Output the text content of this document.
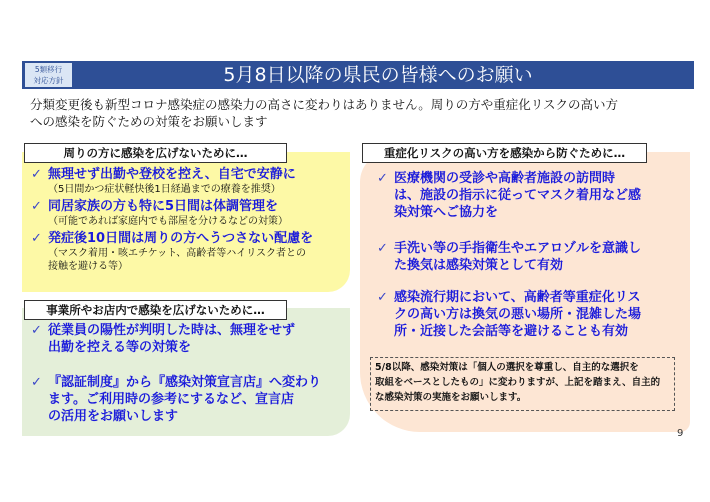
5月8日以降の県民の皆様へのお願い
5類移行
対応方針
分類変更後も新型コロナ感染症の感染力の高さに変わりはありません。周りの方や重症化リスクの高い方
への感染を防ぐための対策をお願いします
周りの方に感染を広げないために…
✓ 無理せず出勤や登校を控え、自宅で安静に
（5日間かつ症状軽快後1日経過までの療養を推奨）
✓ 同居家族の方も特に5日間は体調管理を
（可能であれば家庭内でも部屋を分けるなどの対策）
✓ 発症後10日間は周りの方へうつさない配慮を
（マスク着用・咳エチケット、高齢者等ハイリスク者との
接触を避ける等）
事業所やお店内で感染を広げないために…
✓ 従業員の陽性が判明した時は、無理をせず
出勤を控える等の対策を
✓ 『認証制度』から『感染対策宣言店』へ変わり
ます。ご利用時の参考にするなど、宣言店
の活用をお願いします
重症化リスクの高い方を感染から防ぐために…
✓ 医療機関の受診や高齢者施設の訪問時
は、施設の指示に従ってマスク着用など感
染対策へご協力を
✓ 手洗い等の手指衛生やエアロゾルを意識し
た換気は感染対策として有効
✓ 感染流行期において、高齢者等重症化リス
クの高い方は換気の悪い場所・混雑した場
所・近接した会話等を避けることも有効
5/8以降、感染対策は「個人の選択を尊重し、自主的な選択を
取組をベースとしたもの」に変わりますが、上記を踏まえ、自主的
な感染対策の実施をお願いします。
9
